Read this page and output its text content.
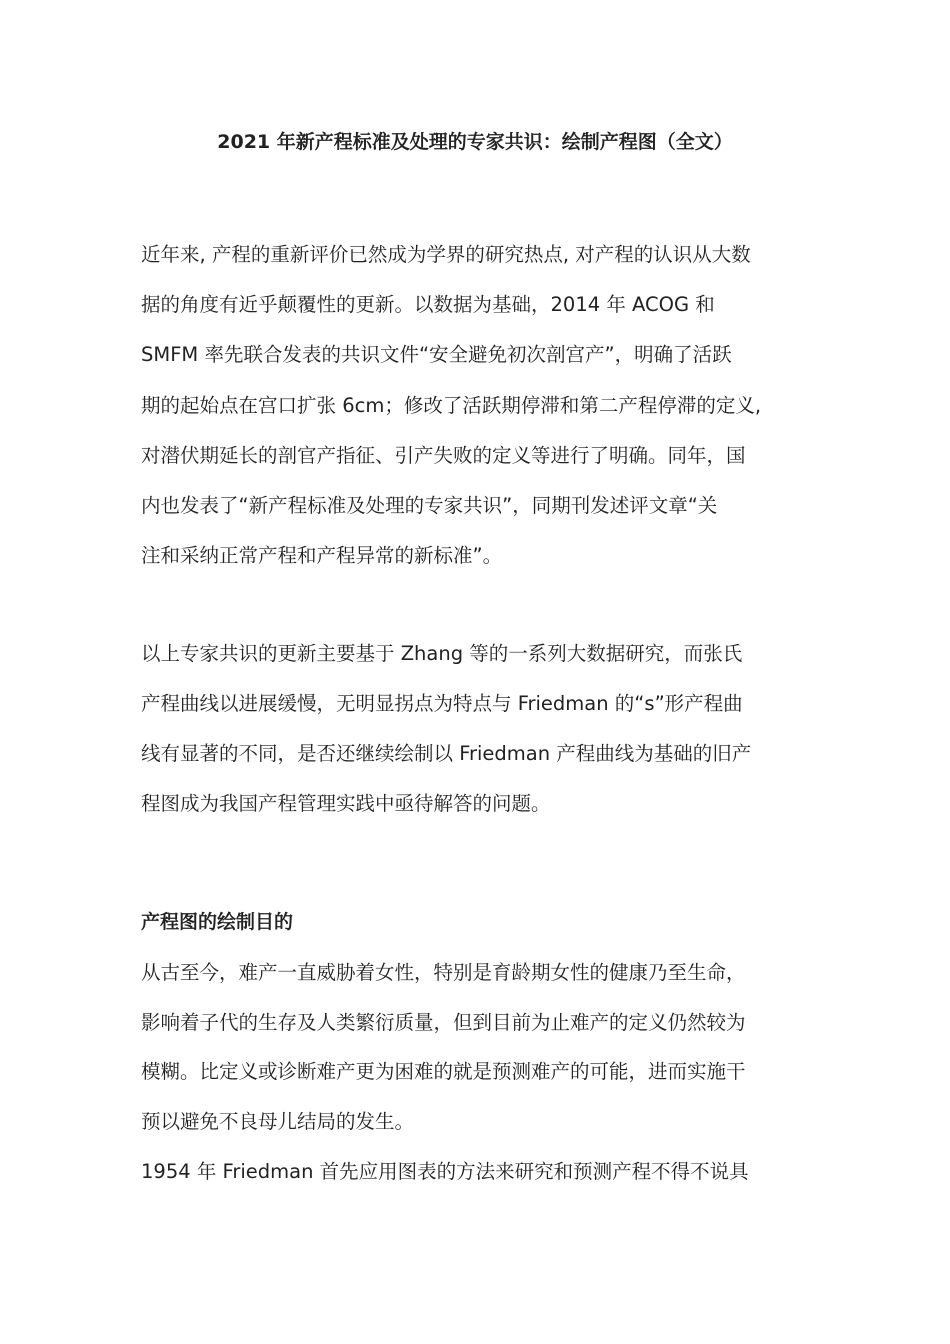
2021 年新产程标准及处理的专家共识：绘制产程图（全文）

近年来, 产程的重新评价已然成为学界的研究热点, 对产程的认识从大数

据的角度有近乎颠覆性的更新。以数据为基础，2014 年 ACOG 和

SMFM 率先联合发表的共识文件“安全避免初次剖宫产”，明确了活跃

期的起始点在宫口扩张 6cm；修改了活跃期停滞和第二产程停滞的定义,

对潜伏期延长的剖官产指征、引产失败的定义等进行了明确。同年，国

内也发表了“新产程标准及处理的专家共识”，同期刊发述评文章“关

注和采纳正常产程和产程异常的新标准”。

以上专家共识的更新主要基于 Zhang 等的一系列大数据研究，而张氏

产程曲线以进展缓慢，无明显拐点为特点与 Friedman 的“s”形产程曲

线有显著的不同，是否还继续绘制以 Friedman 产程曲线为基础的旧产

程图成为我国产程管理实践中亟待解答的问题。

产程图的绘制目的

从古至今，难产一直威胁着女性，特别是育龄期女性的健康乃至生命，

影响着子代的生存及人类繁衍质量，但到目前为止难产的定义仍然较为

模糊。比定义或诊断难产更为困难的就是预测难产的可能，进而实施干

预以避免不良母儿结局的发生。

1954 年 Friedman 首先应用图表的方法来研究和预测产程不得不说具
